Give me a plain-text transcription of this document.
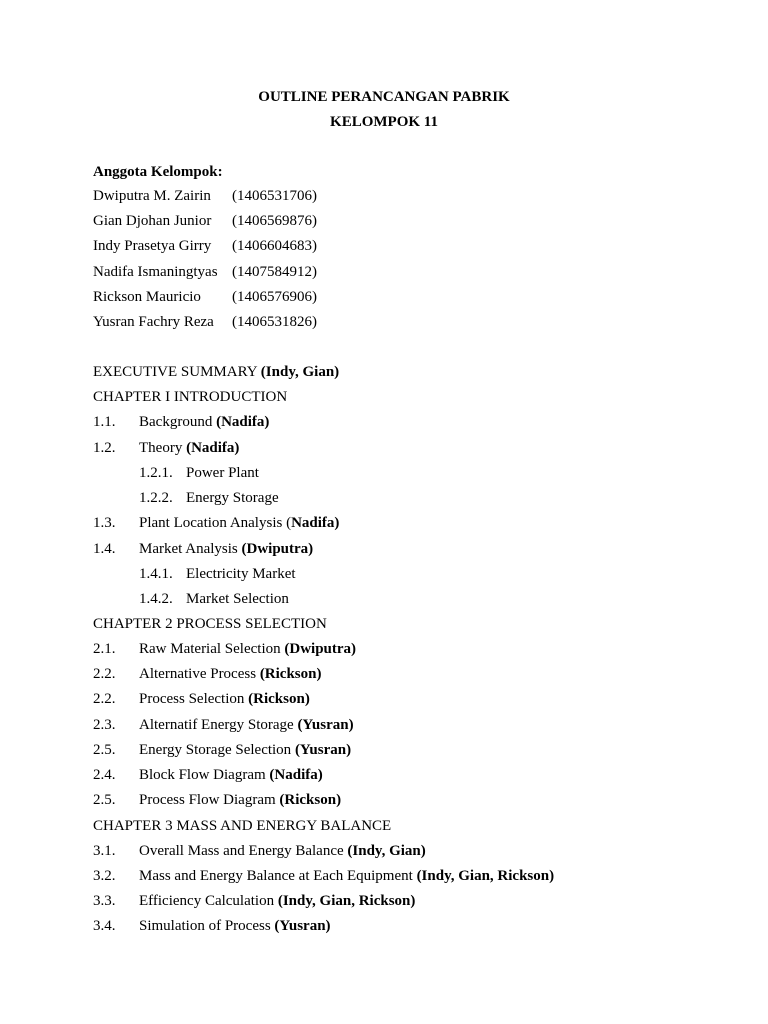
OUTLINE PERANCANGAN PABRIK
KELOMPOK 11
Anggota Kelompok:
Dwiputra M. Zairin (1406531706)
Gian Djohan Junior (1406569876)
Indy Prasetya Girry (1406604683)
Nadifa Ismaningtyas (1407584912)
Rickson Mauricio (1406576906)
Yusran Fachry Reza (1406531826)
EXECUTIVE SUMMARY (Indy, Gian)
CHAPTER I INTRODUCTION
1.1. Background (Nadifa)
1.2. Theory (Nadifa)
1.2.1. Power Plant
1.2.2. Energy Storage
1.3. Plant Location Analysis (Nadifa)
1.4. Market Analysis (Dwiputra)
1.4.1. Electricity Market
1.4.2. Market Selection
CHAPTER 2 PROCESS SELECTION
2.1. Raw Material Selection (Dwiputra)
2.2. Alternative Process (Rickson)
2.2. Process Selection (Rickson)
2.3. Alternatif Energy Storage (Yusran)
2.5. Energy Storage Selection (Yusran)
2.4. Block Flow Diagram (Nadifa)
2.5. Process Flow Diagram (Rickson)
CHAPTER 3 MASS AND ENERGY BALANCE
3.1. Overall Mass and Energy Balance (Indy, Gian)
3.2. Mass and Energy Balance at Each Equipment (Indy, Gian, Rickson)
3.3. Efficiency Calculation (Indy, Gian, Rickson)
3.4. Simulation of Process (Yusran)
